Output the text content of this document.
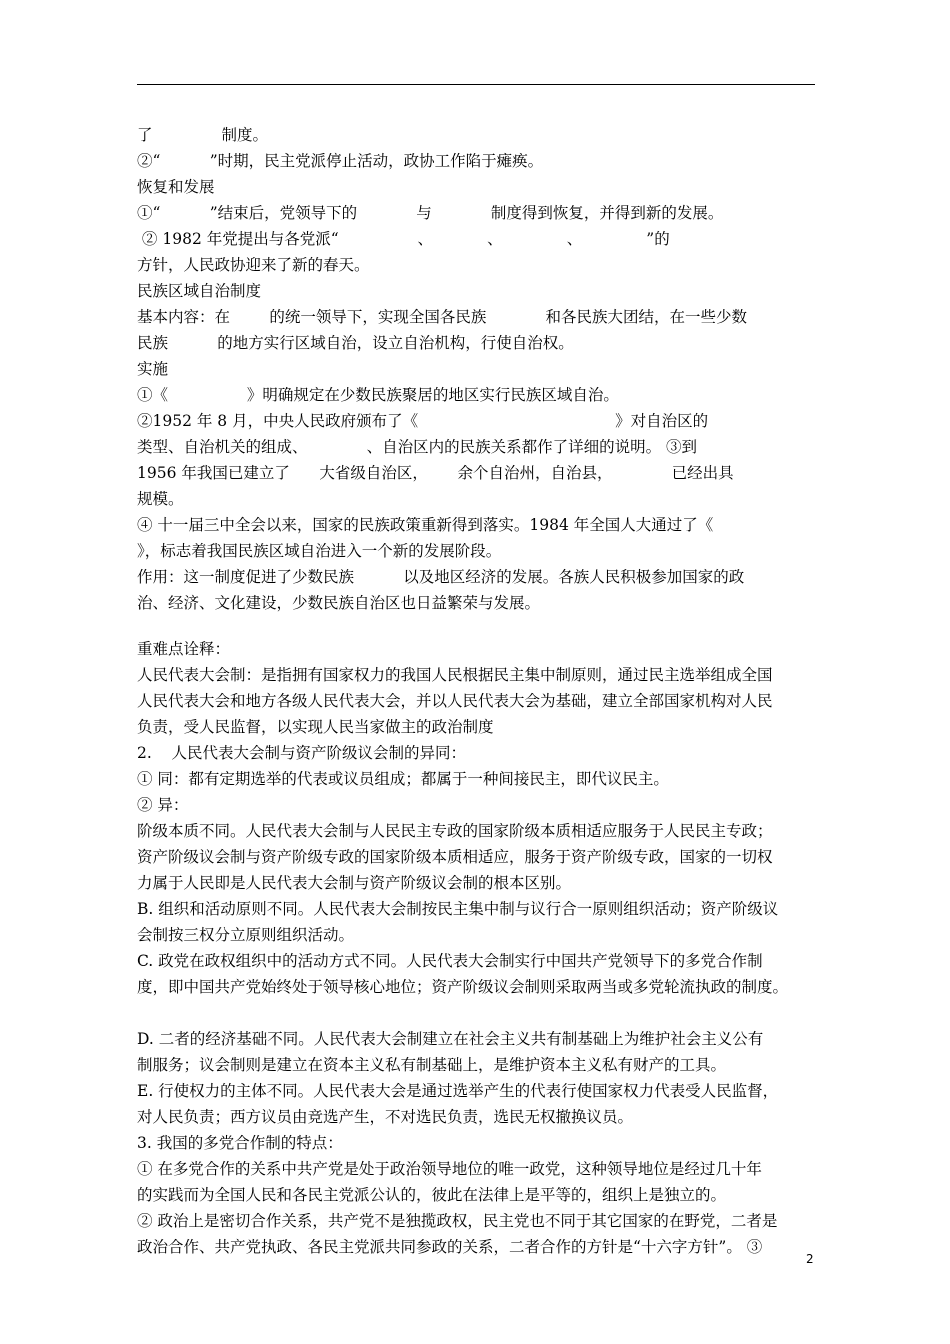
了              制度。
②“          ”时期，民主党派停止活动，政协工作陷于瘫痪。
恢复和发展
①“          ”结束后，党领导下的            与            制度得到恢复，并得到新的发展。
② 1982 年党提出与各党派“                、           、             、             ”的
方针，人民政协迎来了新的春天。
民族区域自治制度
基本内容：在        的统一领导下，实现全国各民族            和各民族大团结，在一些少数
民族          的地方实行区域自治，设立自治机构，行使自治权。
实施
①《                》明确规定在少数民族聚居的地区实行民族区域自治。
②1952 年 8 月，中央人民政府颁布了《                                        》对自治区的
类型、自治机关的组成、            、自治区内的民族关系都作了详细的说明。 ③到
1956 年我国已建立了      大省级自治区，      余个自治州，自治县，            已经出具
规模。
④ 十一届三中全会以来，国家的民族政策重新得到落实。1984 年全国人大通过了《
》，标志着我国民族区域自治进入一个新的发展阶段。
作用：这一制度促进了少数民族          以及地区经济的发展。各族人民积极参加国家的政
治、经济、文化建设，少数民族自治区也日益繁荣与发展。
重难点诠释：
人民代表大会制：是指拥有国家权力的我国人民根据民主集中制原则，通过民主选举组成全国
人民代表大会和地方各级人民代表大会，并以人民代表大会为基础，建立全部国家机构对人民
负责，受人民监督，以实现人民当家做主的政治制度
2.    人民代表大会制与资产阶级议会制的异同：
① 同：都有定期选举的代表或议员组成；都属于一种间接民主，即代议民主。
② 异：
阶级本质不同。人民代表大会制与人民民主专政的国家阶级本质相适应服务于人民民主专政；
资产阶级议会制与资产阶级专政的国家阶级本质相适应，服务于资产阶级专政，国家的一切权
力属于人民即是人民代表大会制与资产阶级议会制的根本区别。
B. 组织和活动原则不同。人民代表大会制按民主集中制与议行合一原则组织活动；资产阶级议
会制按三权分立原则组织活动。
C. 政党在政权组织中的活动方式不同。人民代表大会制实行中国共产党领导下的多党合作制
度，即中国共产党始终处于领导核心地位；资产阶级议会制则采取两当或多党轮流执政的制度。
D. 二者的经济基础不同。人民代表大会制建立在社会主义共有制基础上为维护社会主义公有
制服务；议会制则是建立在资本主义私有制基础上，是维护资本主义私有财产的工具。
E. 行使权力的主体不同。人民代表大会是通过选举产生的代表行使国家权力代表受人民监督，
对人民负责；西方议员由竞选产生，不对选民负责，选民无权撤换议员。
3. 我国的多党合作制的特点：
① 在多党合作的关系中共产党是处于政治领导地位的唯一政党，这种领导地位是经过几十年
的实践而为全国人民和各民主党派公认的，彼此在法律上是平等的，组织上是独立的。
② 政治上是密切合作关系，共产党不是独揽政权，民主党也不同于其它国家的在野党，二者是
政治合作、共产党执政、各民主党派共同参政的关系，二者合作的方针是“十六字方针”。 ③
2
